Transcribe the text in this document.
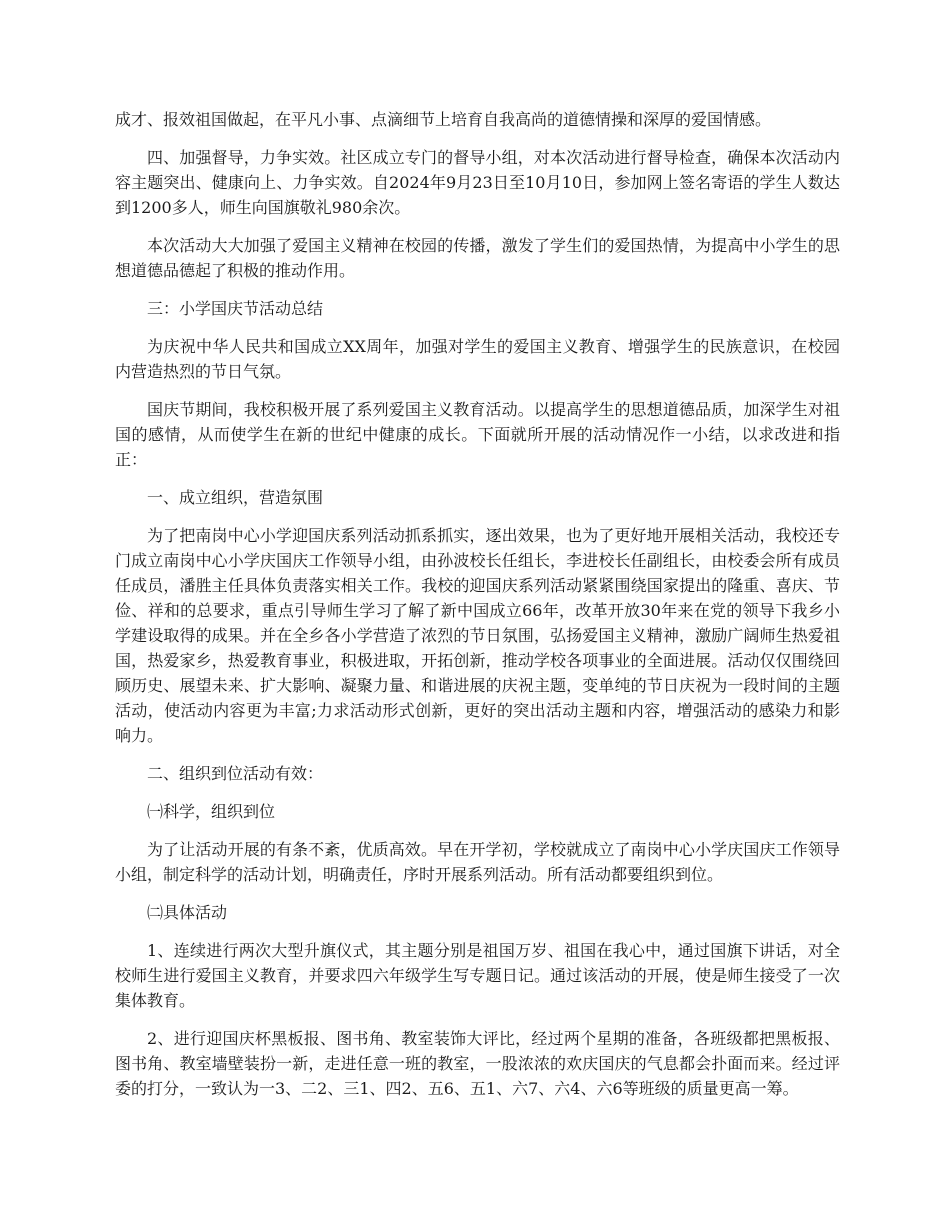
成才、报效祖国做起，在平凡小事、点滴细节上培育自我高尚的道德情操和深厚的爱国情感。

四、加强督导，力争实效。社区成立专门的督导小组，对本次活动进行督导检查，确保本次活动内容主题突出、健康向上、力争实效。自2024年9月23日至10月10日，参加网上签名寄语的学生人数达到1200多人，师生向国旗敬礼980余次。

本次活动大大加强了爱国主义精神在校园的传播，激发了学生们的爱国热情，为提高中小学生的思想道德品德起了积极的推动作用。

三：小学国庆节活动总结

为庆祝中华人民共和国成立XX周年，加强对学生的爱国主义教育、增强学生的民族意识，在校园内营造热烈的节日气氛。

国庆节期间，我校积极开展了系列爱国主义教育活动。以提高学生的思想道德品质，加深学生对祖国的感情，从而使学生在新的世纪中健康的成长。下面就所开展的活动情况作一小结，以求改进和指正：

一、成立组织，营造氛围

为了把南岗中心小学迎国庆系列活动抓系抓实，逐出效果，也为了更好地开展相关活动，我校还专门成立南岗中心小学庆国庆工作领导小组，由孙波校长任组长，李进校长任副组长，由校委会所有成员任成员，潘胜主任具体负责落实相关工作。我校的迎国庆系列活动紧紧围绕国家提出的隆重、喜庆、节俭、祥和的总要求，重点引导师生学习了解了新中国成立66年，改革开放30年来在党的领导下我乡小学建设取得的成果。并在全乡各小学营造了浓烈的节日氛围，弘扬爱国主义精神，激励广阔师生热爱祖国，热爱家乡，热爱教育事业，积极进取，开拓创新，推动学校各项事业的全面进展。活动仅仅围绕回顾历史、展望未来、扩大影响、凝聚力量、和谐进展的庆祝主题，变单纯的节日庆祝为一段时间的主题活动，使活动内容更为丰富;力求活动形式创新，更好的突出活动主题和内容，增强活动的感染力和影响力。

二、组织到位活动有效：

㈠科学，组织到位

为了让活动开展的有条不紊，优质高效。早在开学初，学校就成立了南岗中心小学庆国庆工作领导小组，制定科学的活动计划，明确责任，序时开展系列活动。所有活动都要组织到位。

㈡具体活动

1、连续进行两次大型升旗仪式，其主题分别是祖国万岁、祖国在我心中，通过国旗下讲话，对全校师生进行爱国主义教育，并要求四六年级学生写专题日记。通过该活动的开展，使是师生接受了一次集体教育。

2、进行迎国庆杯黑板报、图书角、教室装饰大评比，经过两个星期的准备，各班级都把黑板报、图书角、教室墙壁装扮一新，走进任意一班的教室，一股浓浓的欢庆国庆的气息都会扑面而来。经过评委的打分，一致认为一3、二2、三1、四2、五6、五1、六7、六4、六6等班级的质量更高一筹。
